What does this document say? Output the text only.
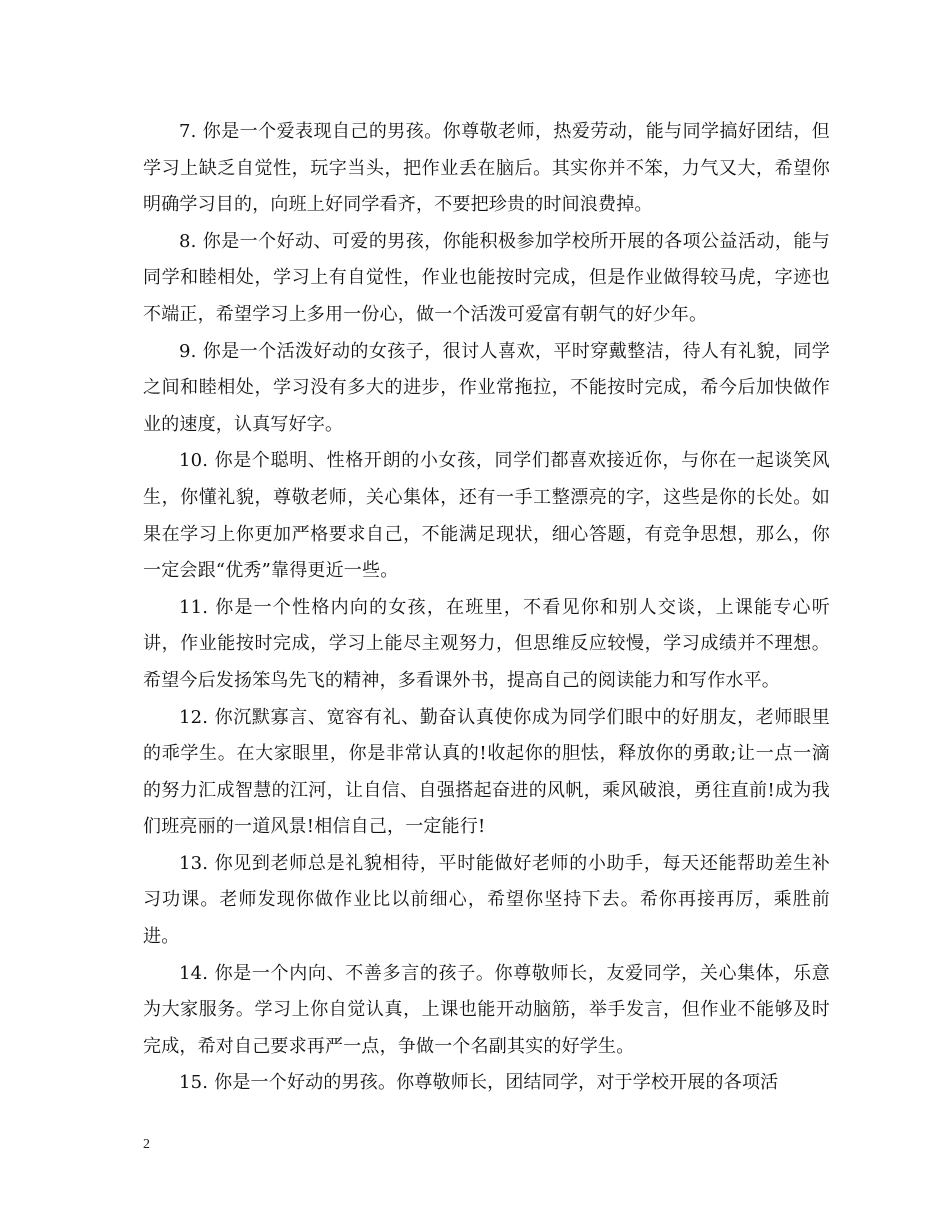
7. 你是一个爱表现自己的男孩。你尊敬老师，热爱劳动，能与同学搞好团结，但学习上缺乏自觉性，玩字当头，把作业丢在脑后。其实你并不笨，力气又大，希望你明确学习目的，向班上好同学看齐，不要把珍贵的时间浪费掉。

8. 你是一个好动、可爱的男孩，你能积极参加学校所开展的各项公益活动，能与同学和睦相处，学习上有自觉性，作业也能按时完成，但是作业做得较马虎，字迹也不端正，希望学习上多用一份心，做一个活泼可爱富有朝气的好少年。

9. 你是一个活泼好动的女孩子，很讨人喜欢，平时穿戴整洁，待人有礼貌，同学之间和睦相处，学习没有多大的进步，作业常拖拉，不能按时完成，希今后加快做作业的速度，认真写好字。

10. 你是个聪明、性格开朗的小女孩，同学们都喜欢接近你，与你在一起谈笑风生，你懂礼貌，尊敬老师，关心集体，还有一手工整漂亮的字，这些是你的长处。如果在学习上你更加严格要求自己，不能满足现状，细心答题，有竞争思想，那么，你一定会跟“优秀”靠得更近一些。

11. 你是一个性格内向的女孩，在班里，不看见你和别人交谈，上课能专心听讲，作业能按时完成，学习上能尽主观努力，但思维反应较慢，学习成绩并不理想。希望今后发扬笨鸟先飞的精神，多看课外书，提高自己的阅读能力和写作水平。

12. 你沉默寡言、宽容有礼、勤奋认真使你成为同学们眼中的好朋友，老师眼里的乖学生。在大家眼里，你是非常认真的!收起你的胆怯，释放你的勇敢;让一点一滴的努力汇成智慧的江河，让自信、自强搭起奋进的风帆，乘风破浪，勇往直前!成为我们班亮丽的一道风景!相信自己，一定能行!

13. 你见到老师总是礼貌相待，平时能做好老师的小助手，每天还能帮助差生补习功课。老师发现你做作业比以前细心，希望你坚持下去。希你再接再厉，乘胜前进。

14. 你是一个内向、不善多言的孩子。你尊敬师长，友爱同学，关心集体，乐意为大家服务。学习上你自觉认真，上课也能开动脑筋，举手发言，但作业不能够及时完成，希对自己要求再严一点，争做一个名副其实的好学生。

15. 你是一个好动的男孩。你尊敬师长，团结同学，对于学校开展的各项活

2
